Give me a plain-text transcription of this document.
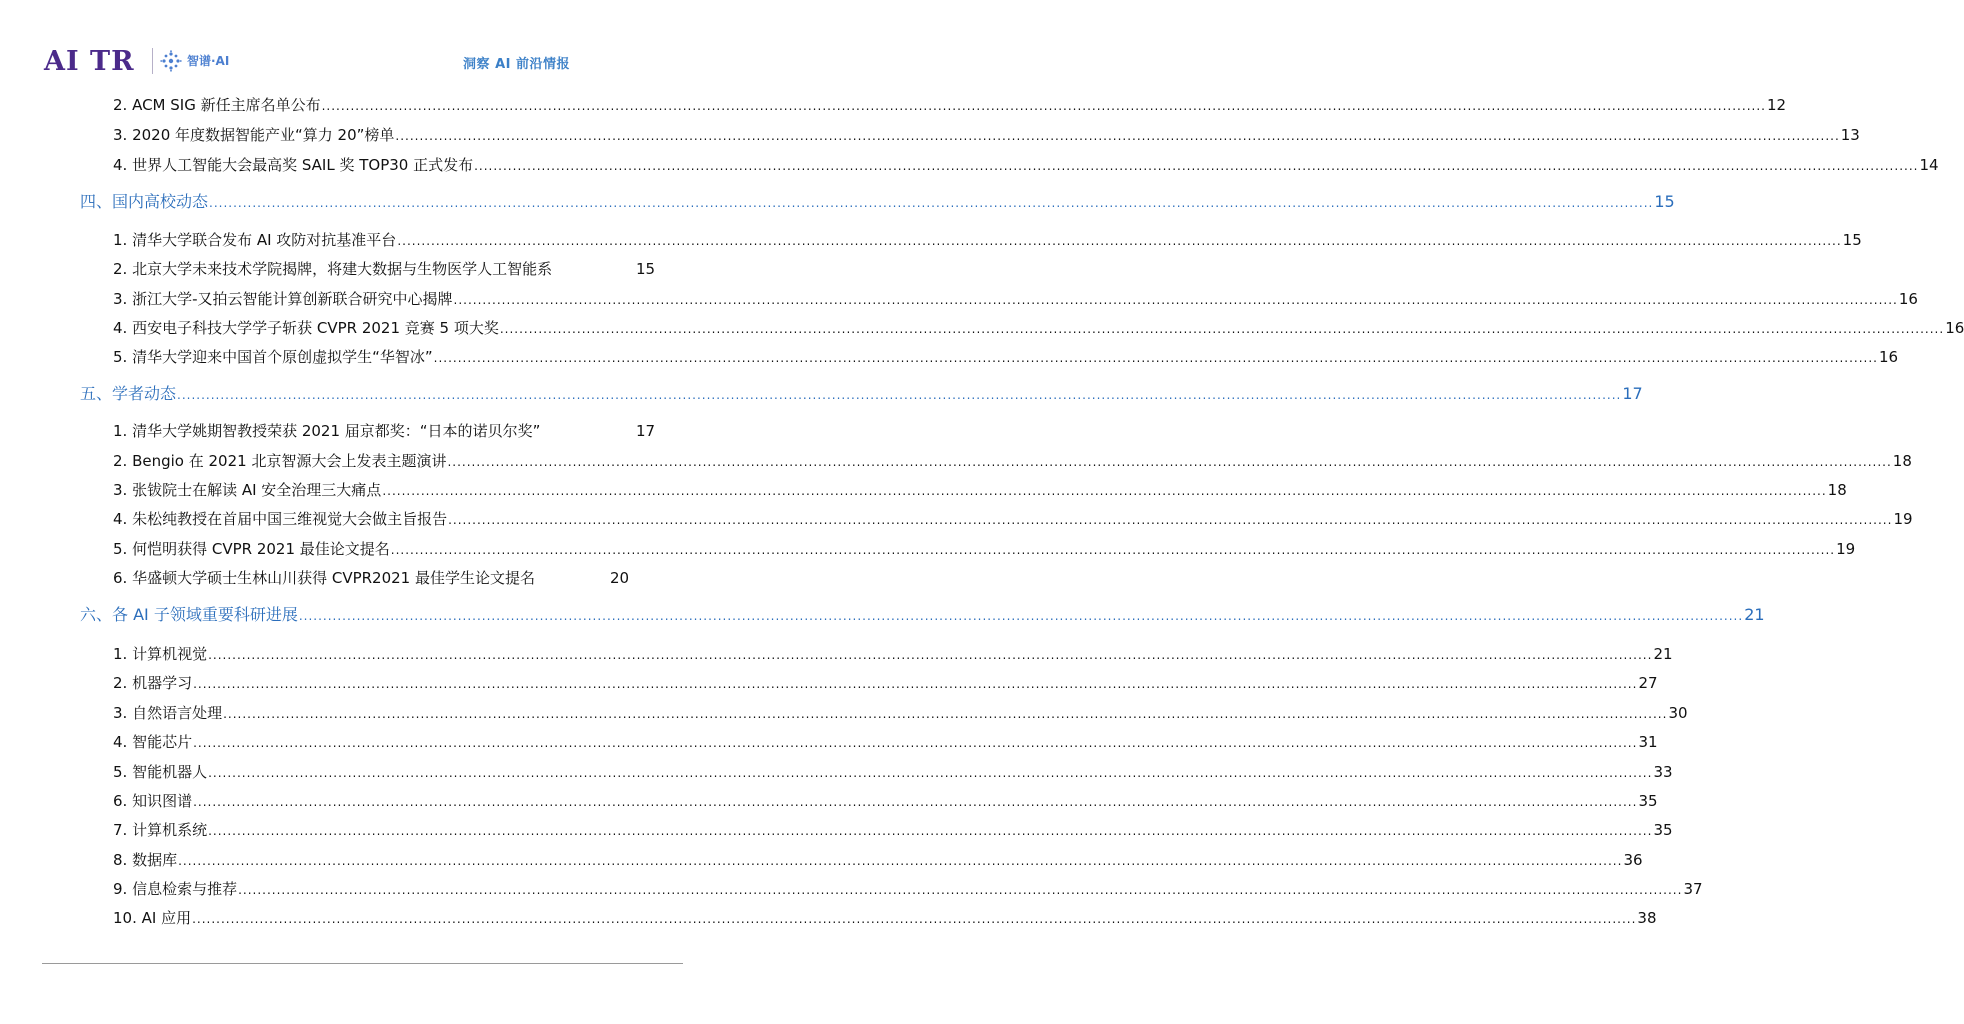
AI TR	智谱·AI	洞察 AI 前沿情报
2. ACM SIG 新任主席名单公布 ............................................................................................................................................................................................................................................................................................................ 12
3. 2020 年度数据智能产业“算力 20”榜单 ............................................................................................................................................................................................................................................................................................................ 13
4. 世界人工智能大会最高奖 SAIL 奖 TOP30 正式发布 ............................................................................................................................................................................................................................................................................................................ 14
四、国内高校动态 ............................................................................................................................................................................................................................................................................................................ 15
1. 清华大学联合发布 AI 攻防对抗基准平台 ............................................................................................................................................................................................................................................................................................................ 15
2. 北京大学未来技术学院揭牌，将建大数据与生物医学人工智能系	15
3. 浙江大学-又拍云智能计算创新联合研究中心揭牌 ............................................................................................................................................................................................................................................................................................................ 16
4. 西安电子科技大学学子斩获 CVPR 2021 竞赛 5 项大奖 ............................................................................................................................................................................................................................................................................................................ 16
5. 清华大学迎来中国首个原创虚拟学生“华智冰” ............................................................................................................................................................................................................................................................................................................ 16
五、学者动态 ............................................................................................................................................................................................................................................................................................................ 17
1. 清华大学姚期智教授荣获 2021 届京都奖：“日本的诺贝尔奖”	17
2. Bengio 在 2021 北京智源大会上发表主题演讲 ............................................................................................................................................................................................................................................................................................................ 18
3. 张钹院士在解读 AI 安全治理三大痛点 ............................................................................................................................................................................................................................................................................................................ 18
4. 朱松纯教授在首届中国三维视觉大会做主旨报告 ............................................................................................................................................................................................................................................................................................................ 19
5. 何恺明获得 CVPR 2021 最佳论文提名 ............................................................................................................................................................................................................................................................................................................ 19
6. 华盛顿大学硕士生林山川获得 CVPR2021 最佳学生论文提名	20
六、各 AI 子领域重要科研进展 ............................................................................................................................................................................................................................................................................................................ 21
1. 计算机视觉 ............................................................................................................................................................................................................................................................................................................ 21
2. 机器学习 ............................................................................................................................................................................................................................................................................................................ 27
3. 自然语言处理 ............................................................................................................................................................................................................................................................................................................ 30
4. 智能芯片 ............................................................................................................................................................................................................................................................................................................ 31
5. 智能机器人 ............................................................................................................................................................................................................................................................................................................ 33
6. 知识图谱 ............................................................................................................................................................................................................................................................................................................ 35
7. 计算机系统 ............................................................................................................................................................................................................................................................................................................ 35
8. 数据库 ............................................................................................................................................................................................................................................................................................................ 36
9. 信息检索与推荐 ............................................................................................................................................................................................................................................................................................................ 37
10. AI 应用 ............................................................................................................................................................................................................................................................................................................ 38
